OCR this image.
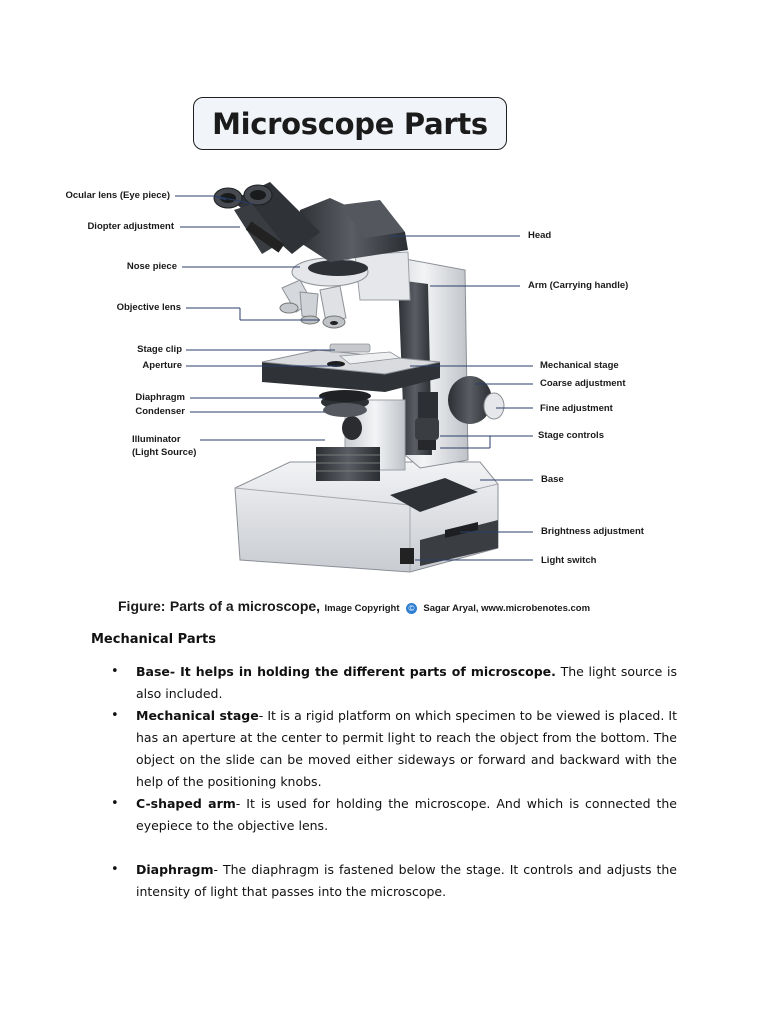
Microscope Parts
Ocular lens (Eye piece)
Diopter adjustment
Nose piece
Objective lens
Stage clip
Aperture
Diaphragm
Condenser
Illuminator
(Light Source)
Head
Arm (Carrying handle)
Mechanical stage
Coarse adjustment
Fine adjustment
Stage controls
Base
Brightness adjustment
Light switch
Figure: Parts of a microscope, Image Copyright © Sagar Aryal, www.microbenotes.com
Mechanical Parts
• Base- It helps in holding the different parts of microscope. The light source is also included.
• Mechanical stage- It is a rigid platform on which specimen to be viewed is placed. It has an aperture at the center to permit light to reach the object from the bottom. The object on the slide can be moved either sideways or forward and backward with the help of the positioning knobs.
• C-shaped arm- It is used for holding the microscope. And which is connected the eyepiece to the objective lens.
• Diaphragm- The diaphragm is fastened below the stage. It controls and adjusts the intensity of light that passes into the microscope.
